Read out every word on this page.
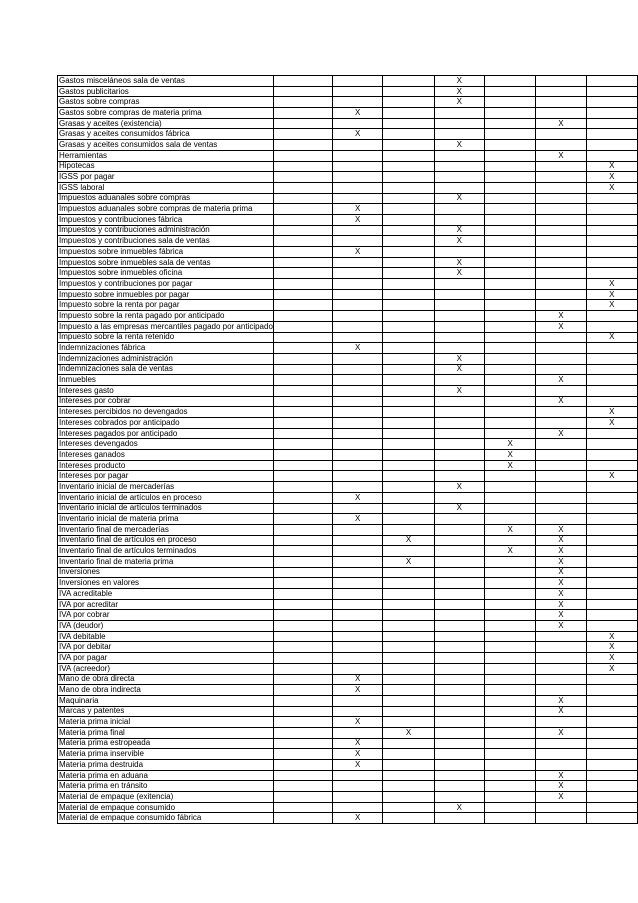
Gastos misceláneos sala de ventas				X			
Gastos publicitarios				X			
Gastos sobre compras				X			
Gastos sobre compras de materia prima		X					
Grasas y aceites (existencia)						X	
Grasas y aceites consumidos fábrica		X					
Grasas y aceites consumidos sala de ventas				X			
Herramientas						X	
Hipotecas							X
IGSS por pagar							X
IGSS laboral							X
Impuestos aduanales sobre compras				X			
Impuestos aduanales sobre compras de materia prima		X					
Impuestos y contribuciones fábrica		X					
Impuestos y contribuciones administración				X			
Impuestos y contribuciones sala de ventas				X			
Impuestos sobre inmuebles fábrica		X					
Impuestos sobre inmuebles sala de ventas				X			
Impuestos sobre inmuebles oficina				X			
Impuestos y contribuciones por pagar							X
Impuesto sobre inmuebles por pagar							X
Impuesto sobre la renta por pagar							X
Impuesto sobre la renta pagado por anticipado						X	
Impuesto a las empresas mercantiles pagado por anticipado						X	
Impuesto sobre la renta retenido							X
Indemnizaciones fábrica		X					
Indemnizaciones administración				X			
Indemnizaciones sala de ventas				X			
Inmuebles						X	
Intereses gasto				X			
Intereses por cobrar						X	
Intereses percibidos no devengados							X
Intereses cobrados por anticipado							X
Intereses pagados por anticipado						X	
Intereses devengados					X		
Intereses ganados					X		
Intereses producto					X		
Intereses por pagar							X
Inventario inicial de mercaderías				X			
Inventario inicial de artículos en proceso		X					
Inventario inicial de artículos terminados				X			
Inventario inicial de materia prima		X					
Inventario final de mercaderías					X	X	
Inventario final de artículos en proceso			X			X	
Inventario final de artículos terminados					X	X	
Inventario final de materia prima			X			X	
Inversiones						X	
Inversiones en valores						X	
IVA acreditable						X	
IVA por acreditar						X	
IVA por cobrar						X	
IVA (deudor)						X	
IVA debitable							X
IVA por debitar							X
IVA por pagar							X
IVA (acreedor)							X
Mano de obra directa		X					
Mano de obra indirecta		X					
Maquinaria						X	
Marcas y patentes						X	
Materia prima inicial		X					
Materia prima final			X			X	
Materia prima estropeada		X					
Materia prima inservible		X					
Materia prima destruida		X					
Materia prima en aduana						X	
Materia prima en tránsito						X	
Material de empaque (exitencia)						X	
Material de empaque consumido				X			
Material de empaque consumido fábrica		X					
